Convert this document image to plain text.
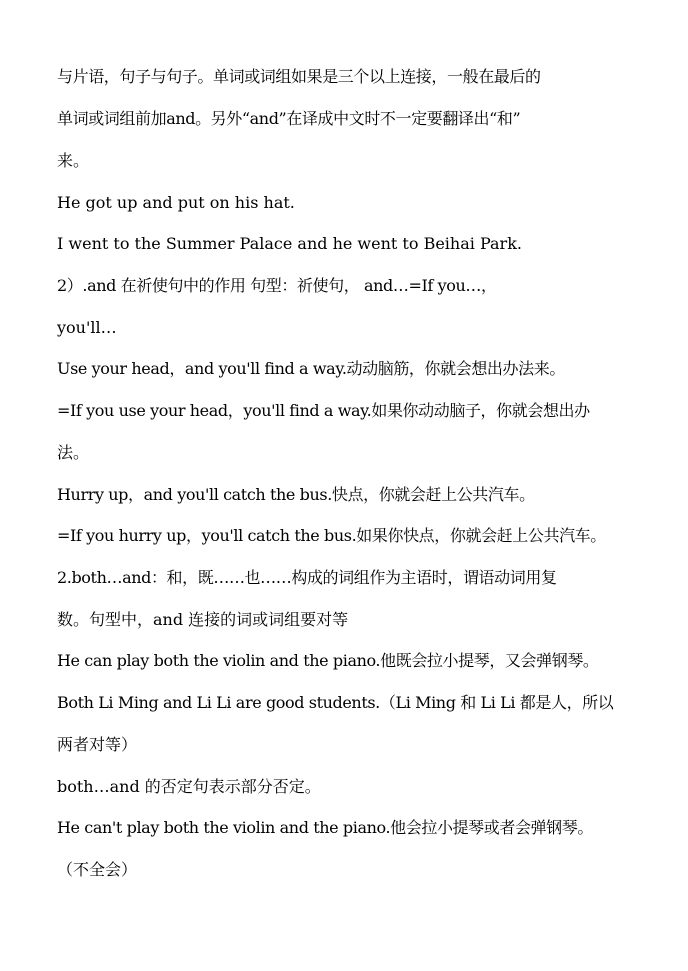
与片语，句子与句子。单词或词组如果是三个以上连接，一般在最后的
单词或词组前加and。另外“and”在译成中文时不一定要翻译出“和”
来。
He got up and put on his hat.
I went to the Summer Palace and he went to Beihai Park.
2）.and 在祈使句中的作用 句型：祈使句， and…=If you…，
you'll…
Use your head，and you'll find a way.动动脑筋，你就会想出办法来。
=If you use your head，you'll find a way.如果你动动脑子，你就会想出办
法。
Hurry up，and you'll catch the bus.快点，你就会赶上公共汽车。
=If you hurry up，you'll catch the bus.如果你快点，你就会赶上公共汽车。
2.both…and：和，既……也……构成的词组作为主语时，谓语动词用复
数。句型中，and 连接的词或词组要对等
He can play both the violin and the piano.他既会拉小提琴，又会弹钢琴。
Both Li Ming and Li Li are good students.（Li Ming 和 Li Li 都是人，所以
两者对等）
both…and 的否定句表示部分否定。
He can't play both the violin and the piano.他会拉小提琴或者会弹钢琴。
（不全会）
